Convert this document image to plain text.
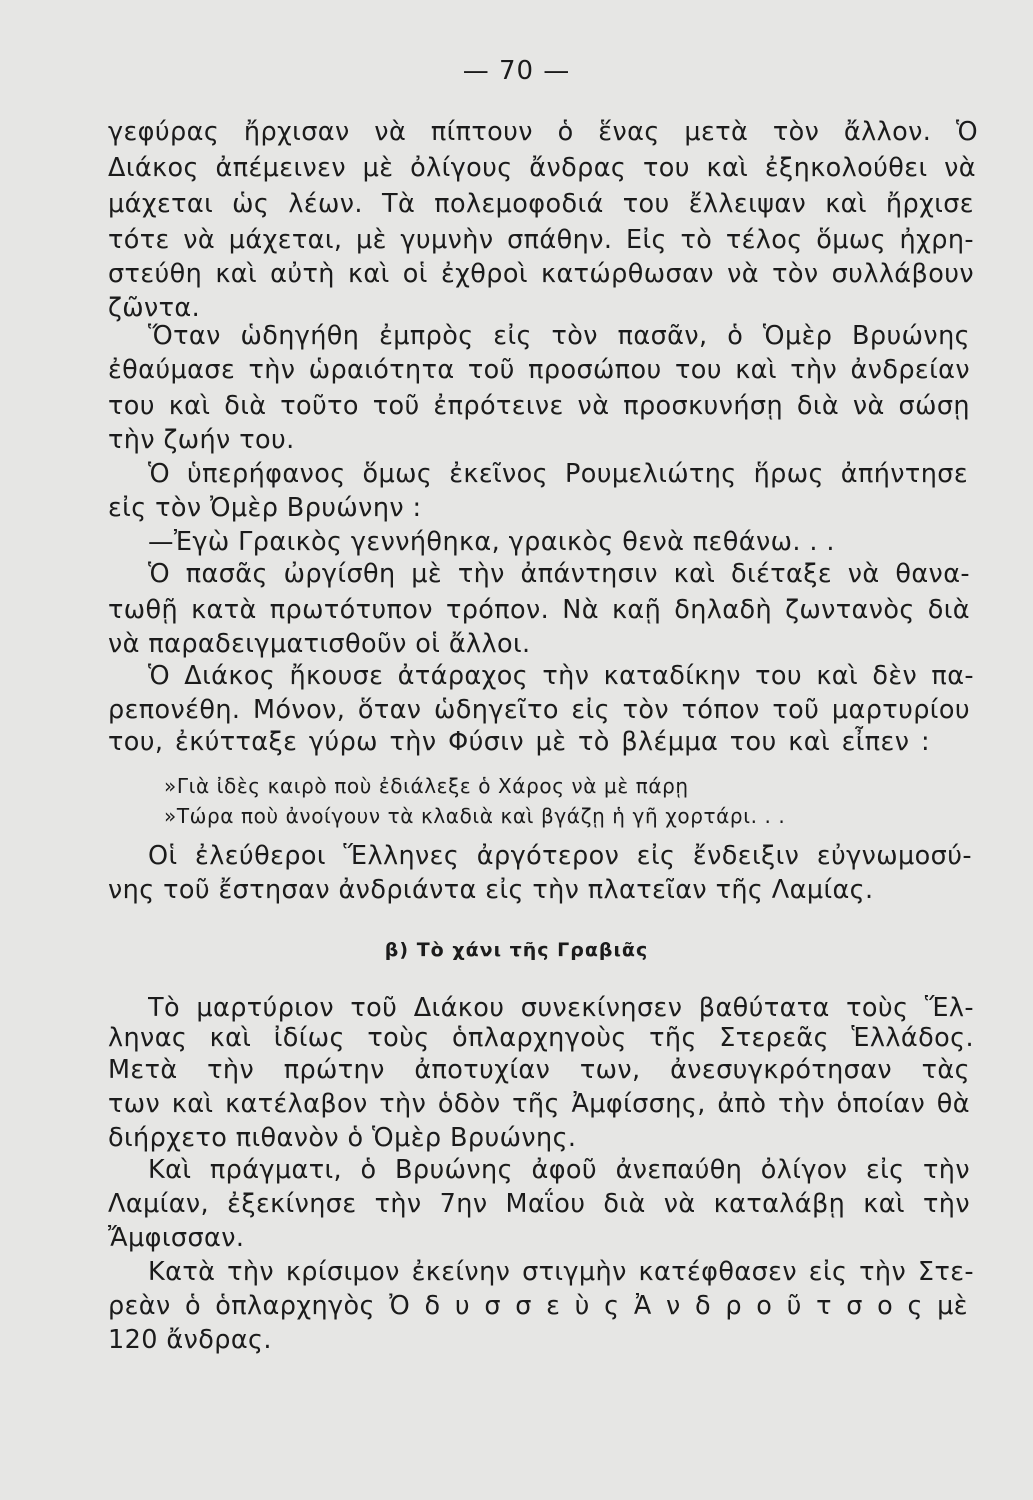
— 70 —
γεφύρας ἤρχισαν νὰ πίπτουν ὁ ἕνας μετὰ τὸν ἄλλον. Ὁ
Διάκος ἀπέμεινεν μὲ ὀλίγους ἄνδρας του καὶ ἐξηκολούθει νὰ
μάχεται ὡς λέων. Τὰ πολεμοφοδιά του ἔλλειψαν καὶ ἤρχισε
τότε νὰ μάχεται, μὲ γυμνὴν σπάθην. Εἰς τὸ τέλος ὅμως ἠχρη-
στεύθη καὶ αὐτὴ καὶ οἱ ἐχθροὶ κατώρθωσαν νὰ τὸν συλλάβουν
ζῶντα.
Ὅταν ὡδηγήθη ἐμπρὸς εἰς τὸν πασᾶν, ὁ Ὁμὲρ Βρυώνης
ἐθαύμασε τὴν ὡραιότητα τοῦ προσώπου του καὶ τὴν ἀνδρείαν
του καὶ διὰ τοῦτο τοῦ ἐπρότεινε νὰ προσκυνήσῃ διὰ νὰ σώσῃ
τὴν ζωήν του.
Ὁ ὑπερήφανος ὅμως ἐκεῖνος Ρουμελιώτης ἥρως ἀπήντησε
εἰς τὸν Ὀμὲρ Βρυώνην :
—Ἐγὼ Γραικὸς γεννήθηκα, γραικὸς θενὰ πεθάνω. . .
Ὁ πασᾶς ὠργίσθη μὲ τὴν ἀπάντησιν καὶ διέταξε νὰ θανα-
τωθῇ κατὰ πρωτότυπον τρόπον. Νὰ καῇ δηλαδὴ ζωντανὸς διὰ
νὰ παραδειγματισθοῦν οἱ ἄλλοι.
Ὁ Διάκος ἤκουσε ἀτάραχος τὴν καταδίκην του καὶ δὲν πα-
ρεπονέθη. Μόνον, ὅταν ὡδηγεῖτο εἰς τὸν τόπον τοῦ μαρτυρίου
του, ἐκύτταξε γύρω τὴν Φύσιν μὲ τὸ βλέμμα του καὶ εἶπεν :
»Γιὰ ἰδὲς καιρὸ ποὺ ἐδιάλεξε ὁ Χάρος νὰ μὲ πάρῃ
»Τώρα ποὺ ἀνοίγουν τὰ κλαδιὰ καὶ βγάζῃ ἡ γῆ χορτάρι. . .
Οἱ ἐλεύθεροι Ἕλληνες ἀργότερον εἰς ἔνδειξιν εὐγνωμοσύ-
νης τοῦ ἔστησαν ἀνδριάντα εἰς τὴν πλατεῖαν τῆς Λαμίας.
β) Τὸ χάνι τῆς Γραβιᾶς
Τὸ μαρτύριον τοῦ Διάκου συνεκίνησεν βαθύτατα τοὺς Ἕλ-
ληνας καὶ ἰδίως τοὺς ὁπλαρχηγοὺς τῆς Στερεᾶς Ἑλλάδος.
Μετὰ τὴν πρώτην ἀποτυχίαν των, ἀνεσυγκρότησαν τὰς
των καὶ κατέλαβον τὴν ὁδὸν τῆς Ἀμφίσσης, ἀπὸ τὴν ὁποίαν θὰ
διήρχετο πιθανὸν ὁ Ὁμὲρ Βρυώνης.
Καὶ πράγματι, ὁ Βρυώνης ἀφοῦ ἀνεπαύθη ὀλίγον εἰς τὴν
Λαμίαν, ἐξεκίνησε τὴν 7ην Μαΐου διὰ νὰ καταλάβῃ καὶ τὴν
Ἄμφισσαν.
Κατὰ τὴν κρίσιμον ἐκείνην στιγμὴν κατέφθασεν εἰς τὴν Στε-
ρεὰν ὁ ὁπλαρχηγὸς Ὀ δ υ σ σ ε ὺ ς Ἀ ν δ ρ ο ῦ τ σ ο ς μὲ
120 ἄνδρας.
